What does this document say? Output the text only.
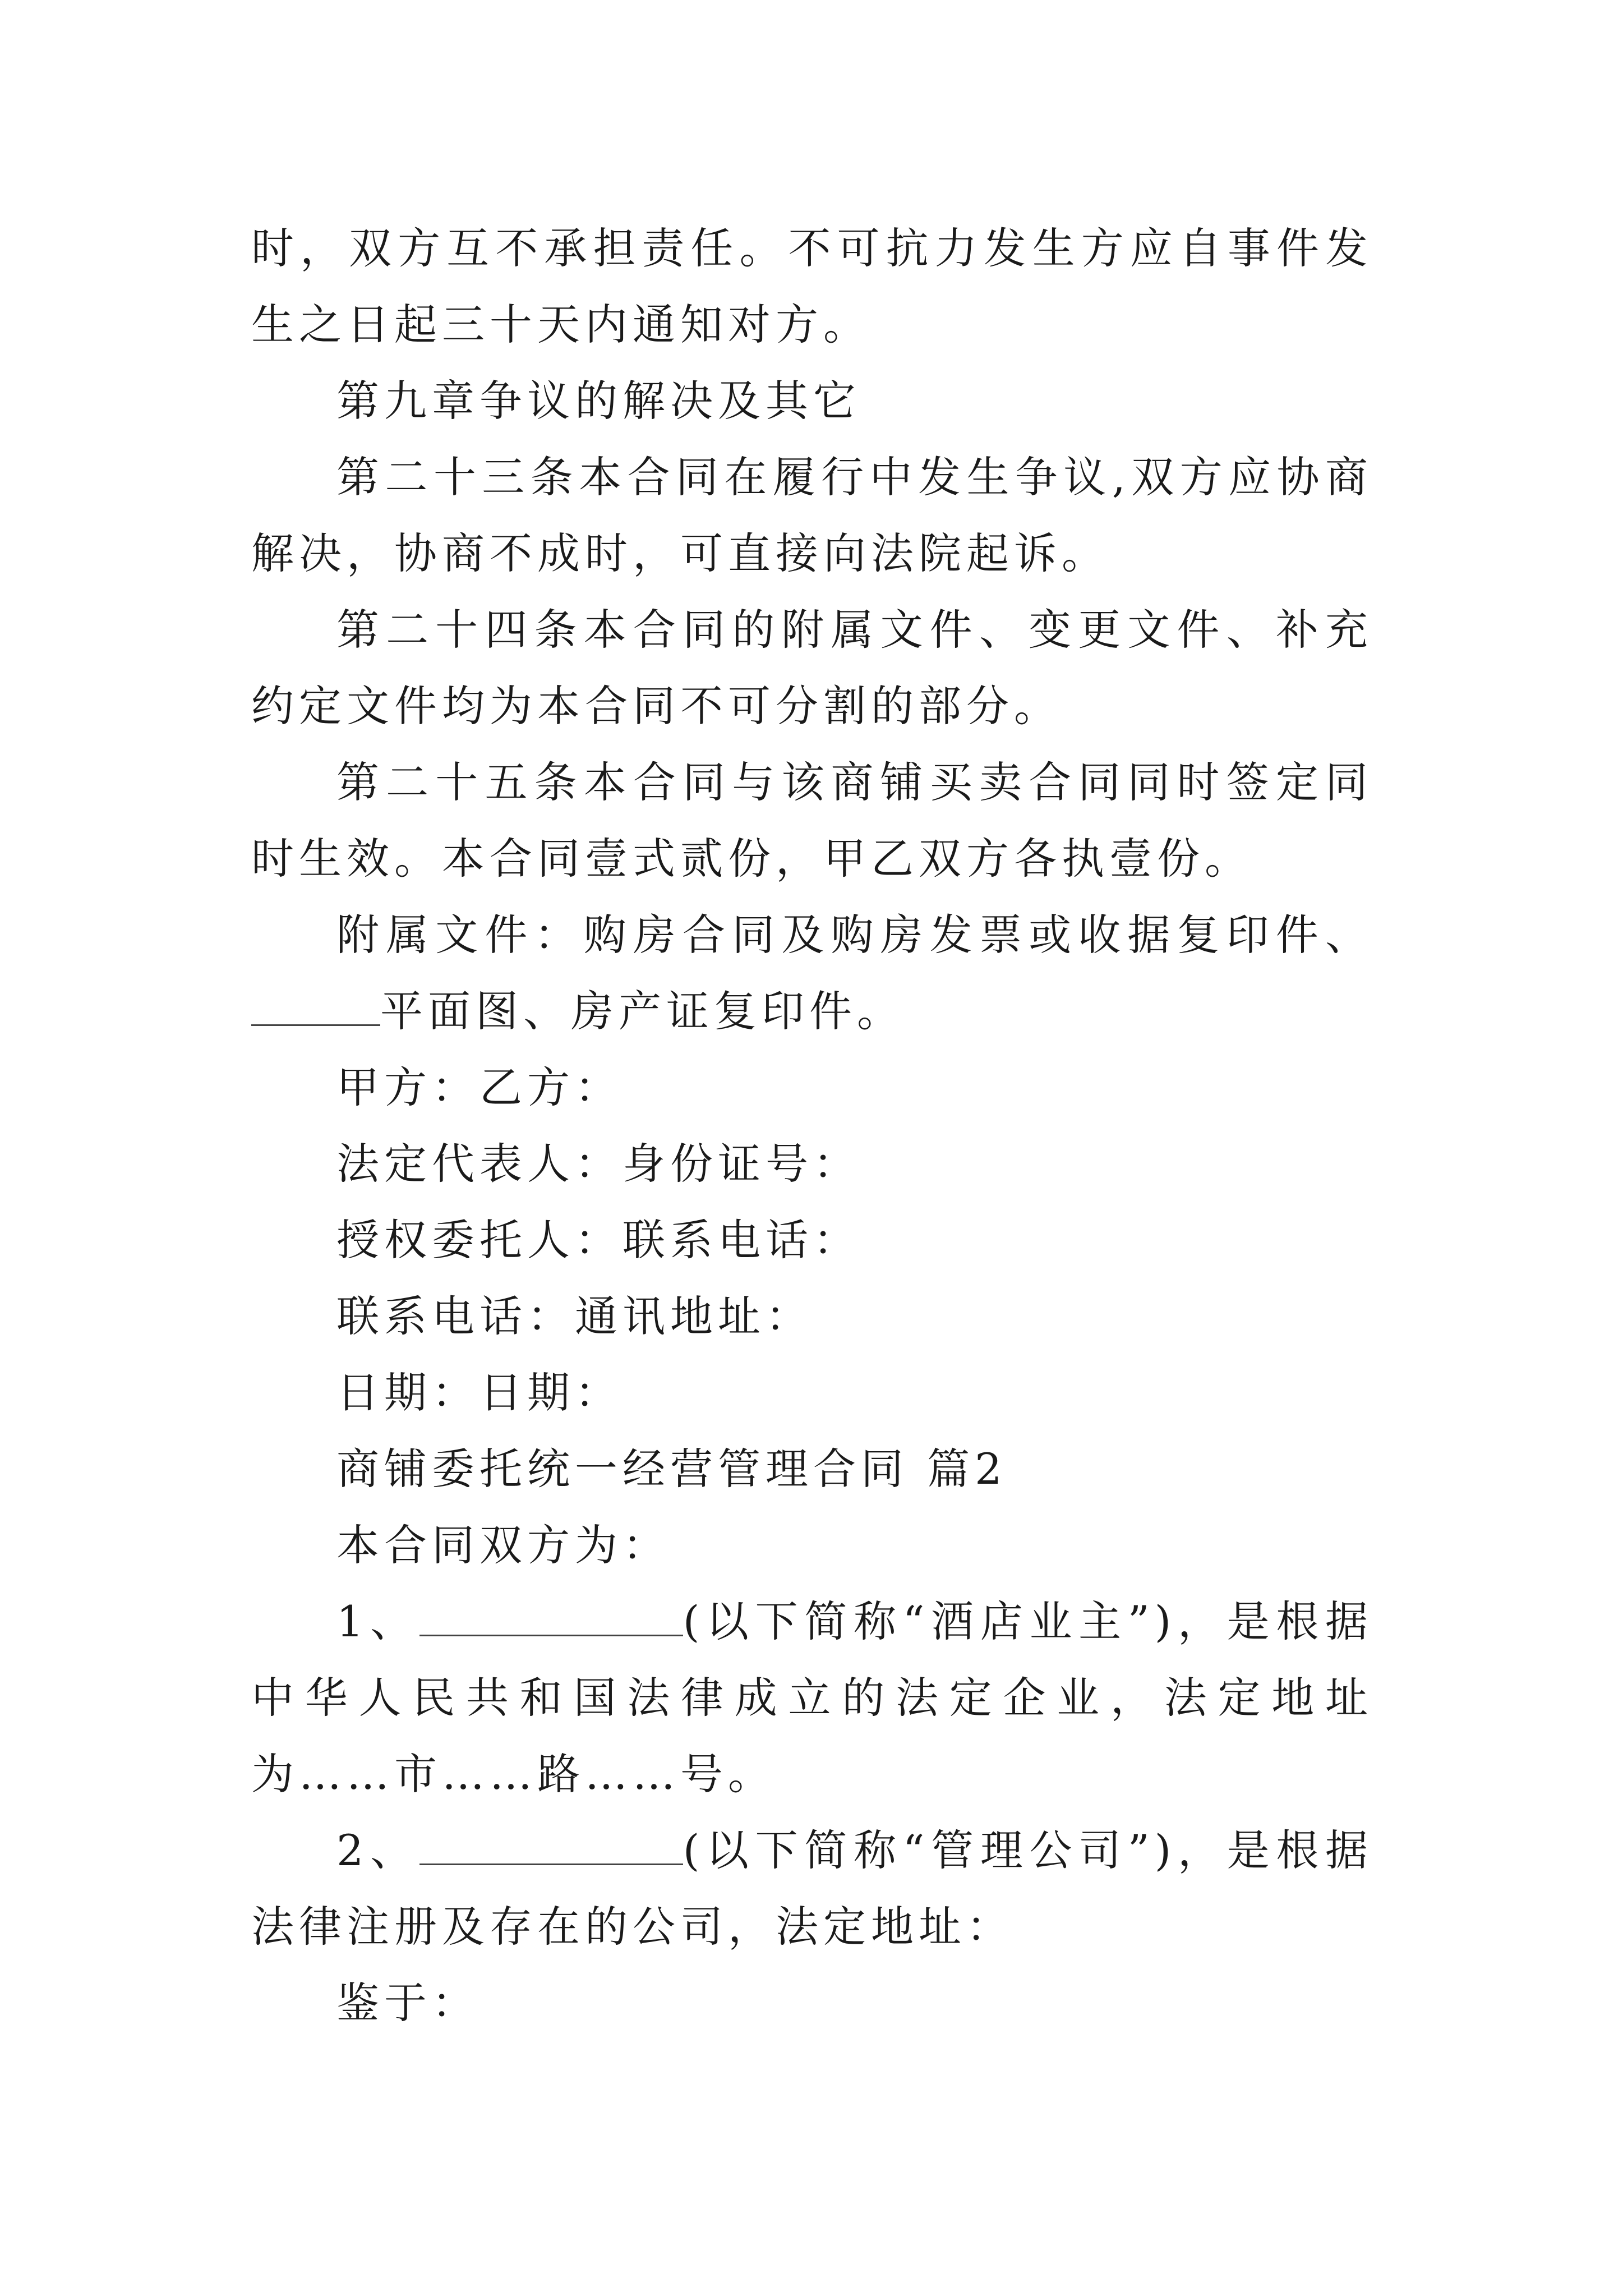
时，双方互不承担责任。不可抗力发生方应自事件发生之日起三十天内通知对方。

第九章争议的解决及其它

第二十三条本合同在履行中发生争议,双方应协商解决，协商不成时，可直接向法院起诉。

第二十四条本合同的附属文件、变更文件、补充约定文件均为本合同不可分割的部分。

第二十五条本合同与该商铺买卖合同同时签定同时生效。本合同壹式贰份，甲乙双方各执壹份。

附属文件：购房合同及购房发票或收据复印件、平面图、房产证复印件。

甲方：乙方：

法定代表人：身份证号：

授权委托人：联系电话：

联系电话：通讯地址：

日期：日期：

商铺委托统一经营管理合同 篇2

本合同双方为：

1、	(以下简称“酒店业主”)，是根据中华人民共和国法律成立的法定企业，法定地址为……市……路……号。

2、	(以下简称“管理公司”)，是根据 法律注册及存在的公司，法定地址：

鉴于：
